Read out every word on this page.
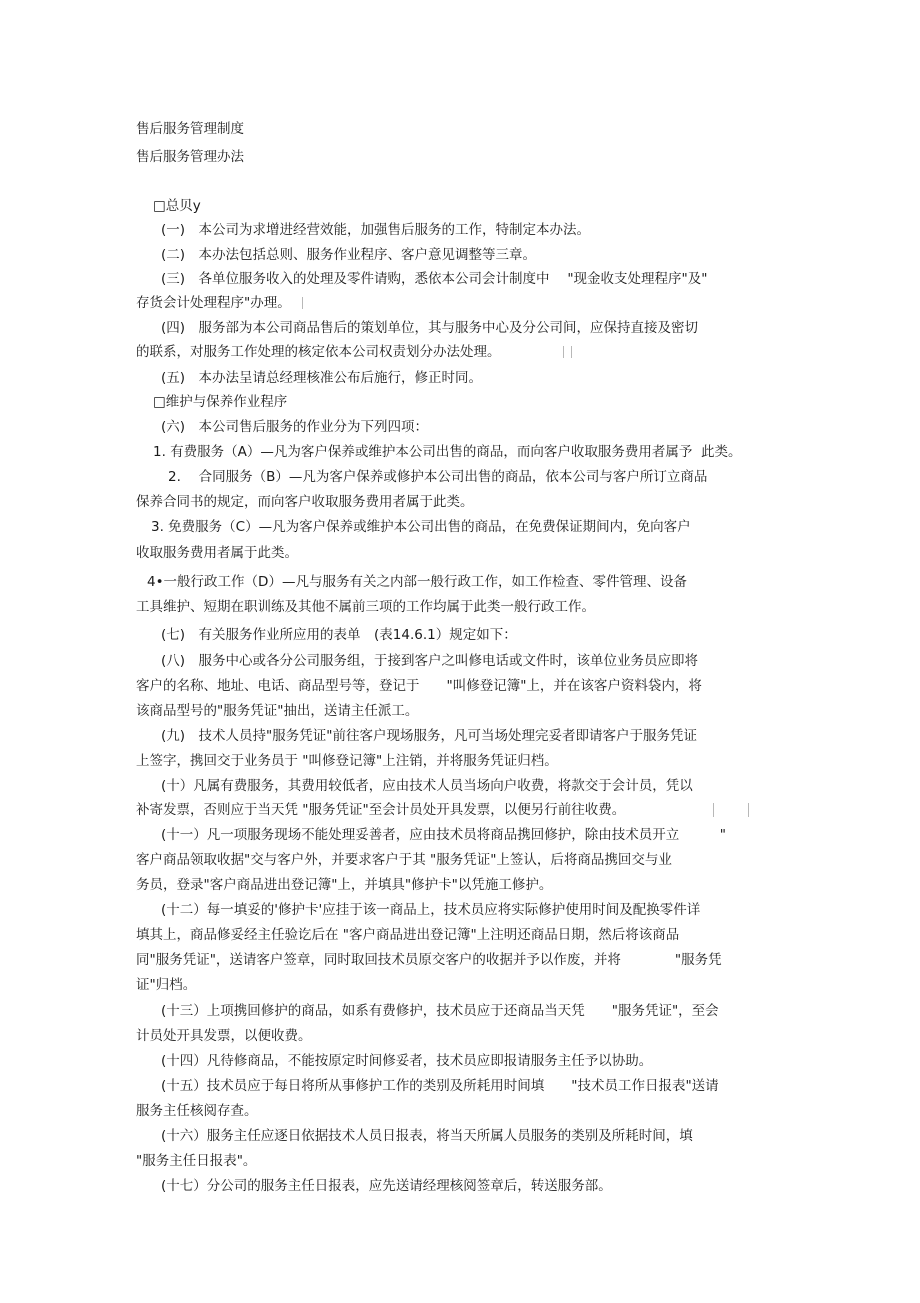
售后服务管理制度
售后服务管理办法
□总贝y
(一)　本公司为求增进经营效能，加强售后服务的工作，特制定本办法。
(二)　本办法包括总则、服务作业程序、客户意见调整等三章。
(三)　各单位服务收入的处理及零件请购，悉依本公司会计制度中　 "现金收支处理程序"及"
存货会计处理程序"办理。
(四)　服务部为本公司商品售后的策划单位，其与服务中心及分公司间，应保持直接及密切
的联系，对服务工作处理的核定依本公司权责划分办法处理。
(五)　本办法呈请总经理核准公布后施行，修正时同。
□维护与保养作业程序
(六)　本公司售后服务的作业分为下列四项：
1. 有费服务（A）—凡为客户保养或维护本公司出售的商品，而向客户收取服务费用者属予  此类。
2.　 合同服务（B）—凡为客户保养或修护本公司出售的商品，依本公司与客户所订立商品
保养合同书的规定，而向客户收取服务费用者属于此类。
3. 免费服务（C）—凡为客户保养或维护本公司出售的商品，在免费保证期间内，免向客户
收取服务费用者属于此类。
4•一般行政工作（D）—凡与服务有关之内部一般行政工作，如工作检查、零件管理、设备
工具维护、短期在职训练及其他不属前三项的工作均属于此类一般行政工作。
(七)　有关服务作业所应用的表单　(表14.6.1）规定如下：
(八)　服务中心或各分公司服务组，于接到客户之叫修电话或文件时，该单位业务员应即将
客户的名称、地址、电话、商品型号等，登记于　　"叫修登记簿"上，并在该客户资料袋内，将
该商品型号的"服务凭证"抽出，送请主任派工。
(九)　技术人员持"服务凭证"前往客户现场服务，凡可当场处理完妥者即请客户于服务凭证
上签字，携回交于业务员于 "叫修登记簿"上注销，并将服务凭证归档。
(十）凡属有费服务，其费用较低者，应由技术人员当场向户收费，将款交于会计员，凭以
补寄发票，否则应于当天凭 "服务凭证"至会计员处开具发票，以便另行前往收费。
(十一）凡一项服务现场不能处理妥善者，应由技术员将商品携回修护，除由技术员开立　　　"
客户商品领取收据"交与客户外，并要求客户于其 "服务凭证"上签认，后将商品携回交与业
务员，登录"客户商品进出登记簿"上，并填具"修护卡"以凭施工修护。
(十二）每一填妥的'修护卡'应挂于该一商品上，技术员应将实际修护使用时间及配换零件详
填其上，商品修妥经主任验讫后在 "客户商品进出登记簿"上注明还商品日期，然后将该商品
同"服务凭证"，送请客户签章，同时取回技术员原交客户的收据并予以作废，并将　　　　"服务凭
证"归档。
(十三）上项携回修护的商品，如系有费修护，技术员应于还商品当天凭　　"服务凭证"，至会
计员处开具发票，以便收费。
(十四）凡待修商品，不能按原定时间修妥者，技术员应即报请服务主任予以协助。
(十五）技术员应于每日将所从事修护工作的类别及所耗用时间填　　"技术员工作日报表"送请
服务主任核阅存查。
(十六）服务主任应逐日依据技术人员日报表，将当天所属人员服务的类别及所耗时间，填
"服务主任日报表"。
(十七）分公司的服务主任日报表，应先送请经理核阅签章后，转送服务部。
